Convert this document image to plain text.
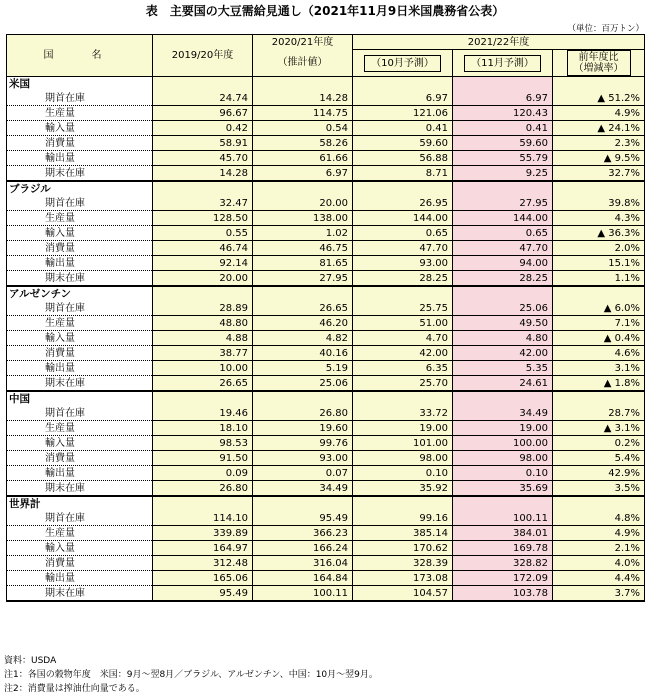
表　主要国の大豆需給見通し（2021年11月9日米国農務省公表）
（単位：百万トン）
国　名	2019/20年度	2020/21年度	2021/22年度		
		（推計値）	（10月予測）	（11月予測）	前年度比
（増減率）
米国					
期首在庫	24.74	14.28	6.97	6.97	▲ 51.2%
生産量	96.67	114.75	121.06	120.43	4.9%
輸入量	0.42	0.54	0.41	0.41	▲ 24.1%
消費量	58.91	58.26	59.60	59.60	2.3%
輸出量	45.70	61.66	56.88	55.79	▲ 9.5%
期末在庫	14.28	6.97	8.71	9.25	32.7%
ブラジル					
期首在庫	32.47	20.00	26.95	27.95	39.8%
生産量	128.50	138.00	144.00	144.00	4.3%
輸入量	0.55	1.02	0.65	0.65	▲ 36.3%
消費量	46.74	46.75	47.70	47.70	2.0%
輸出量	92.14	81.65	93.00	94.00	15.1%
期末在庫	20.00	27.95	28.25	28.25	1.1%
アルゼンチン					
期首在庫	28.89	26.65	25.75	25.06	▲ 6.0%
生産量	48.80	46.20	51.00	49.50	7.1%
輸入量	4.88	4.82	4.70	4.80	▲ 0.4%
消費量	38.77	40.16	42.00	42.00	4.6%
輸出量	10.00	5.19	6.35	5.35	3.1%
期末在庫	26.65	25.06	25.70	24.61	▲ 1.8%
中国					
期首在庫	19.46	26.80	33.72	34.49	28.7%
生産量	18.10	19.60	19.00	19.00	▲ 3.1%
輸入量	98.53	99.76	101.00	100.00	0.2%
消費量	91.50	93.00	98.00	98.00	5.4%
輸出量	0.09	0.07	0.10	0.10	42.9%
期末在庫	26.80	34.49	35.92	35.69	3.5%
世界計					
期首在庫	114.10	95.49	99.16	100.11	4.8%
生産量	339.89	366.23	385.14	384.01	4.9%
輸入量	164.97	166.24	170.62	169.78	2.1%
消費量	312.48	316.04	328.39	328.82	4.0%
輸出量	165.06	164.84	173.08	172.09	4.4%
期末在庫	95.49	100.11	104.57	103.78	3.7%
資料：USDA
注1：各国の穀物年度　米国：9月～翌8月／ブラジル、アルゼンチン、中国：10月～翌9月。
注2：消費量は搾油仕向量である。
